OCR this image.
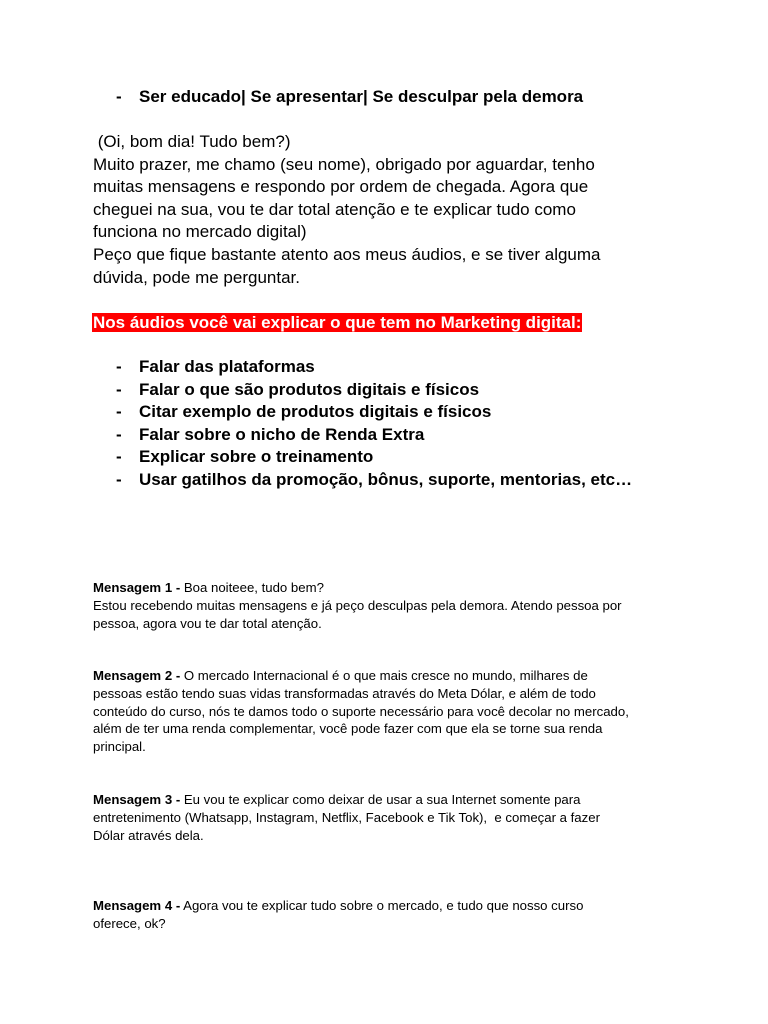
- Ser educado| Se apresentar| Se desculpar pela demora
(Oi, bom dia! Tudo bem?)
Muito prazer, me chamo (seu nome), obrigado por aguardar, tenho
muitas mensagens e respondo por ordem de chegada. Agora que
cheguei na sua, vou te dar total atenção e te explicar tudo como
funciona no mercado digital)
Peço que fique bastante atento aos meus áudios, e se tiver alguma
dúvida, pode me perguntar.
Nos áudios você vai explicar o que tem no Marketing digital:
- Falar das plataformas
- Falar o que são produtos digitais e físicos
- Citar exemplo de produtos digitais e físicos
- Falar sobre o nicho de Renda Extra
- Explicar sobre o treinamento
- Usar gatilhos da promoção, bônus, suporte, mentorias, etc…
Mensagem 1 - Boa noiteee, tudo bem?
Estou recebendo muitas mensagens e já peço desculpas pela demora. Atendo pessoa por
pessoa, agora vou te dar total atenção.
Mensagem 2 - O mercado Internacional é o que mais cresce no mundo, milhares de
pessoas estão tendo suas vidas transformadas através do Meta Dólar, e além de todo
conteúdo do curso, nós te damos todo o suporte necessário para você decolar no mercado,
além de ter uma renda complementar, você pode fazer com que ela se torne sua renda
principal.
Mensagem 3 - Eu vou te explicar como deixar de usar a sua Internet somente para
entretenimento (Whatsapp, Instagram, Netflix, Facebook e Tik Tok),  e começar a fazer
Dólar através dela.
Mensagem 4 - Agora vou te explicar tudo sobre o mercado, e tudo que nosso curso
oferece, ok?
